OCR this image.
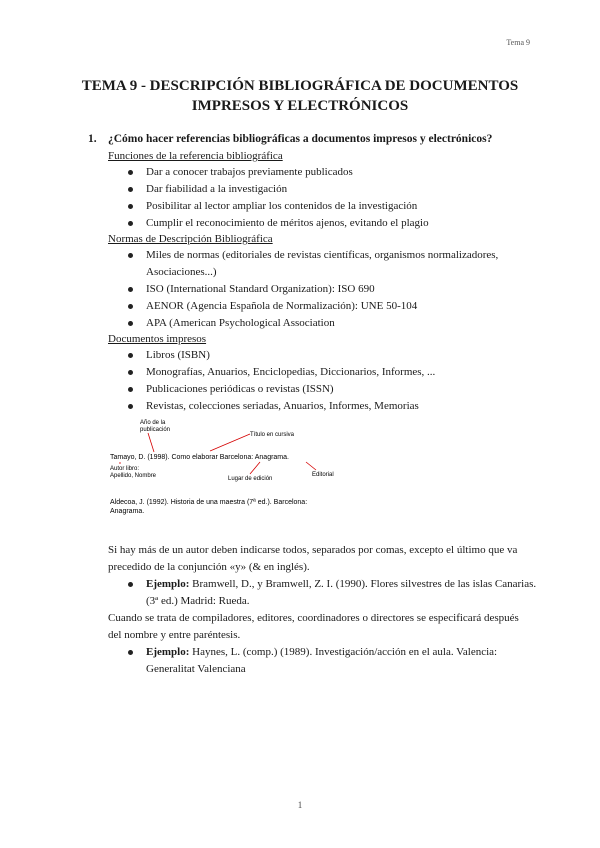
Tema 9
TEMA 9 - DESCRIPCIÓN BIBLIOGRÁFICA DE DOCUMENTOS
IMPRESOS Y ELECTRÓNICOS
1. ¿Cómo hacer referencias bibliográficas a documentos impresos y electrónicos?
Funciones de la referencia bibliográfica
Dar a conocer trabajos previamente publicados
Dar fiabilidad a la investigación
Posibilitar al lector ampliar los contenidos de la investigación
Cumplir el reconocimiento de méritos ajenos, evitando el plagio
Normas de Descripción Bibliográfica
Miles de normas (editoriales de revistas científicas, organismos normalizadores, Asociaciones...)
ISO (International Standard Organization): ISO 690
AENOR (Agencia Española de Normalización): UNE 50-104
APA (American Psychological Association
Documentos impresos
Libros (ISBN)
Monografías, Anuarios, Enciclopedias, Diccionarios, Informes, ...
Publicaciones periódicas o revistas (ISSN)
Revistas, colecciones seriadas, Anuarios, Informes, Memorias
Año de la
publicación
Título en cursiva
Tamayo, D. (1998). Como elaborar Barcelona: Anagrama.
Autor libro:
Apellido, Nombre	Lugar de edición
Editorial
Aldecoa, J. (1992). Historia de una maestra (7ª ed.). Barcelona:
Anagrama.
Si hay más de un autor deben indicarse todos, separados por comas, excepto el último que va precedido de la conjunción «y» (& en inglés).
Ejemplo: Bramwell, D., y Bramwell, Z. I. (1990). Flores silvestres de las islas Canarias. (3ª ed.) Madrid: Rueda.
Cuando se trata de compiladores, editores, coordinadores o directores se especificará después del nombre y entre paréntesis.
Ejemplo: Haynes, L. (comp.) (1989). Investigación/acción en el aula. Valencia: Generalitat Valenciana
1
